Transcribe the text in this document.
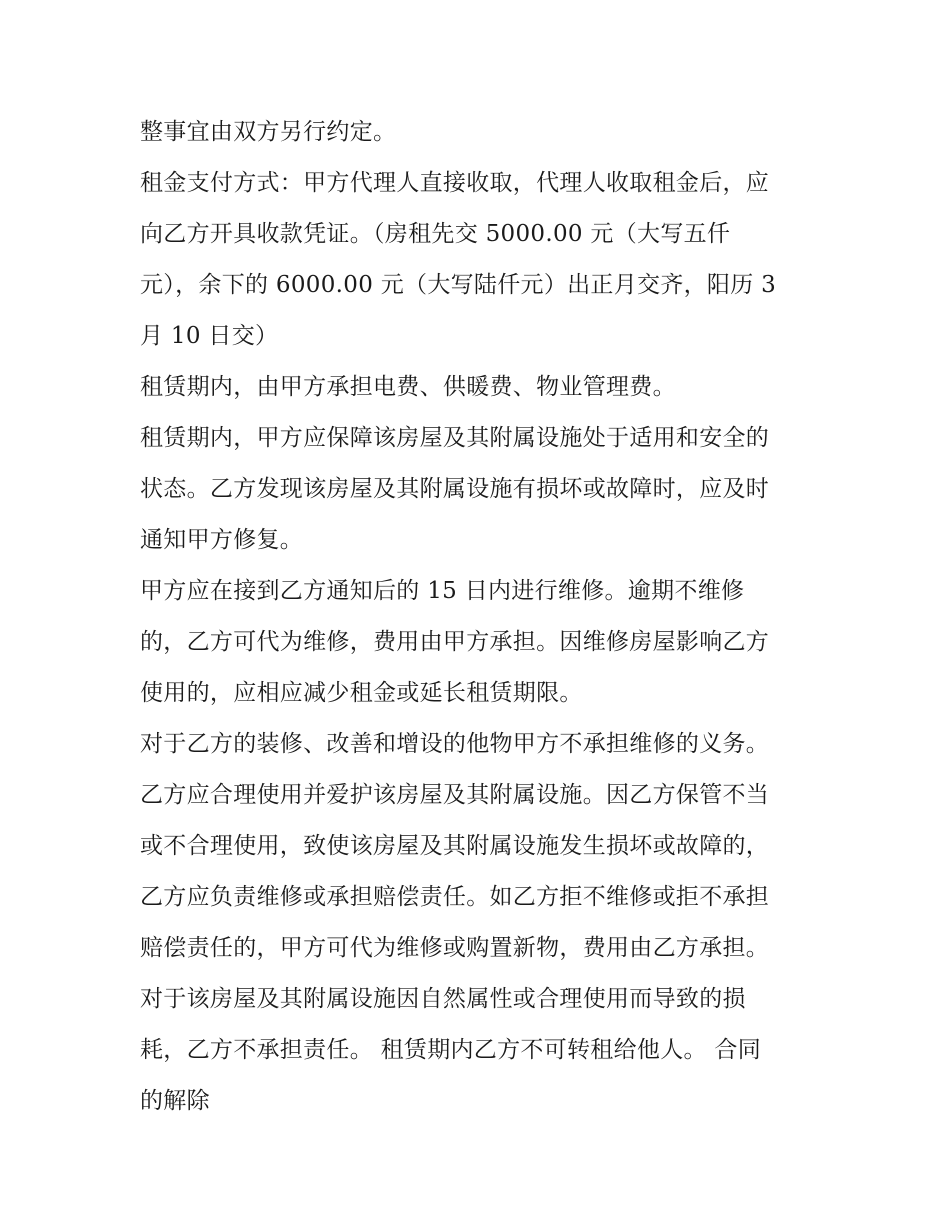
整事宜由双方另行约定。
租金支付方式：甲方代理人直接收取，代理人收取租金后，应
向乙方开具收款凭证。（房租先交 5000.00 元（大写五仟
元），余下的 6000.00 元（大写陆仟元）出正月交齐，阳历 3
月 10 日交）
租赁期内，由甲方承担电费、供暖费、物业管理费。
租赁期内，甲方应保障该房屋及其附属设施处于适用和安全的
状态。乙方发现该房屋及其附属设施有损坏或故障时，应及时
通知甲方修复。
甲方应在接到乙方通知后的 15 日内进行维修。逾期不维修
的，乙方可代为维修，费用由甲方承担。因维修房屋影响乙方
使用的，应相应减少租金或延长租赁期限。
对于乙方的装修、改善和增设的他物甲方不承担维修的义务。
乙方应合理使用并爱护该房屋及其附属设施。因乙方保管不当
或不合理使用，致使该房屋及其附属设施发生损坏或故障的，
乙方应负责维修或承担赔偿责任。如乙方拒不维修或拒不承担
赔偿责任的，甲方可代为维修或购置新物，费用由乙方承担。
对于该房屋及其附属设施因自然属性或合理使用而导致的损
耗，乙方不承担责任。 租赁期内乙方不可转租给他人。 合同
的解除
